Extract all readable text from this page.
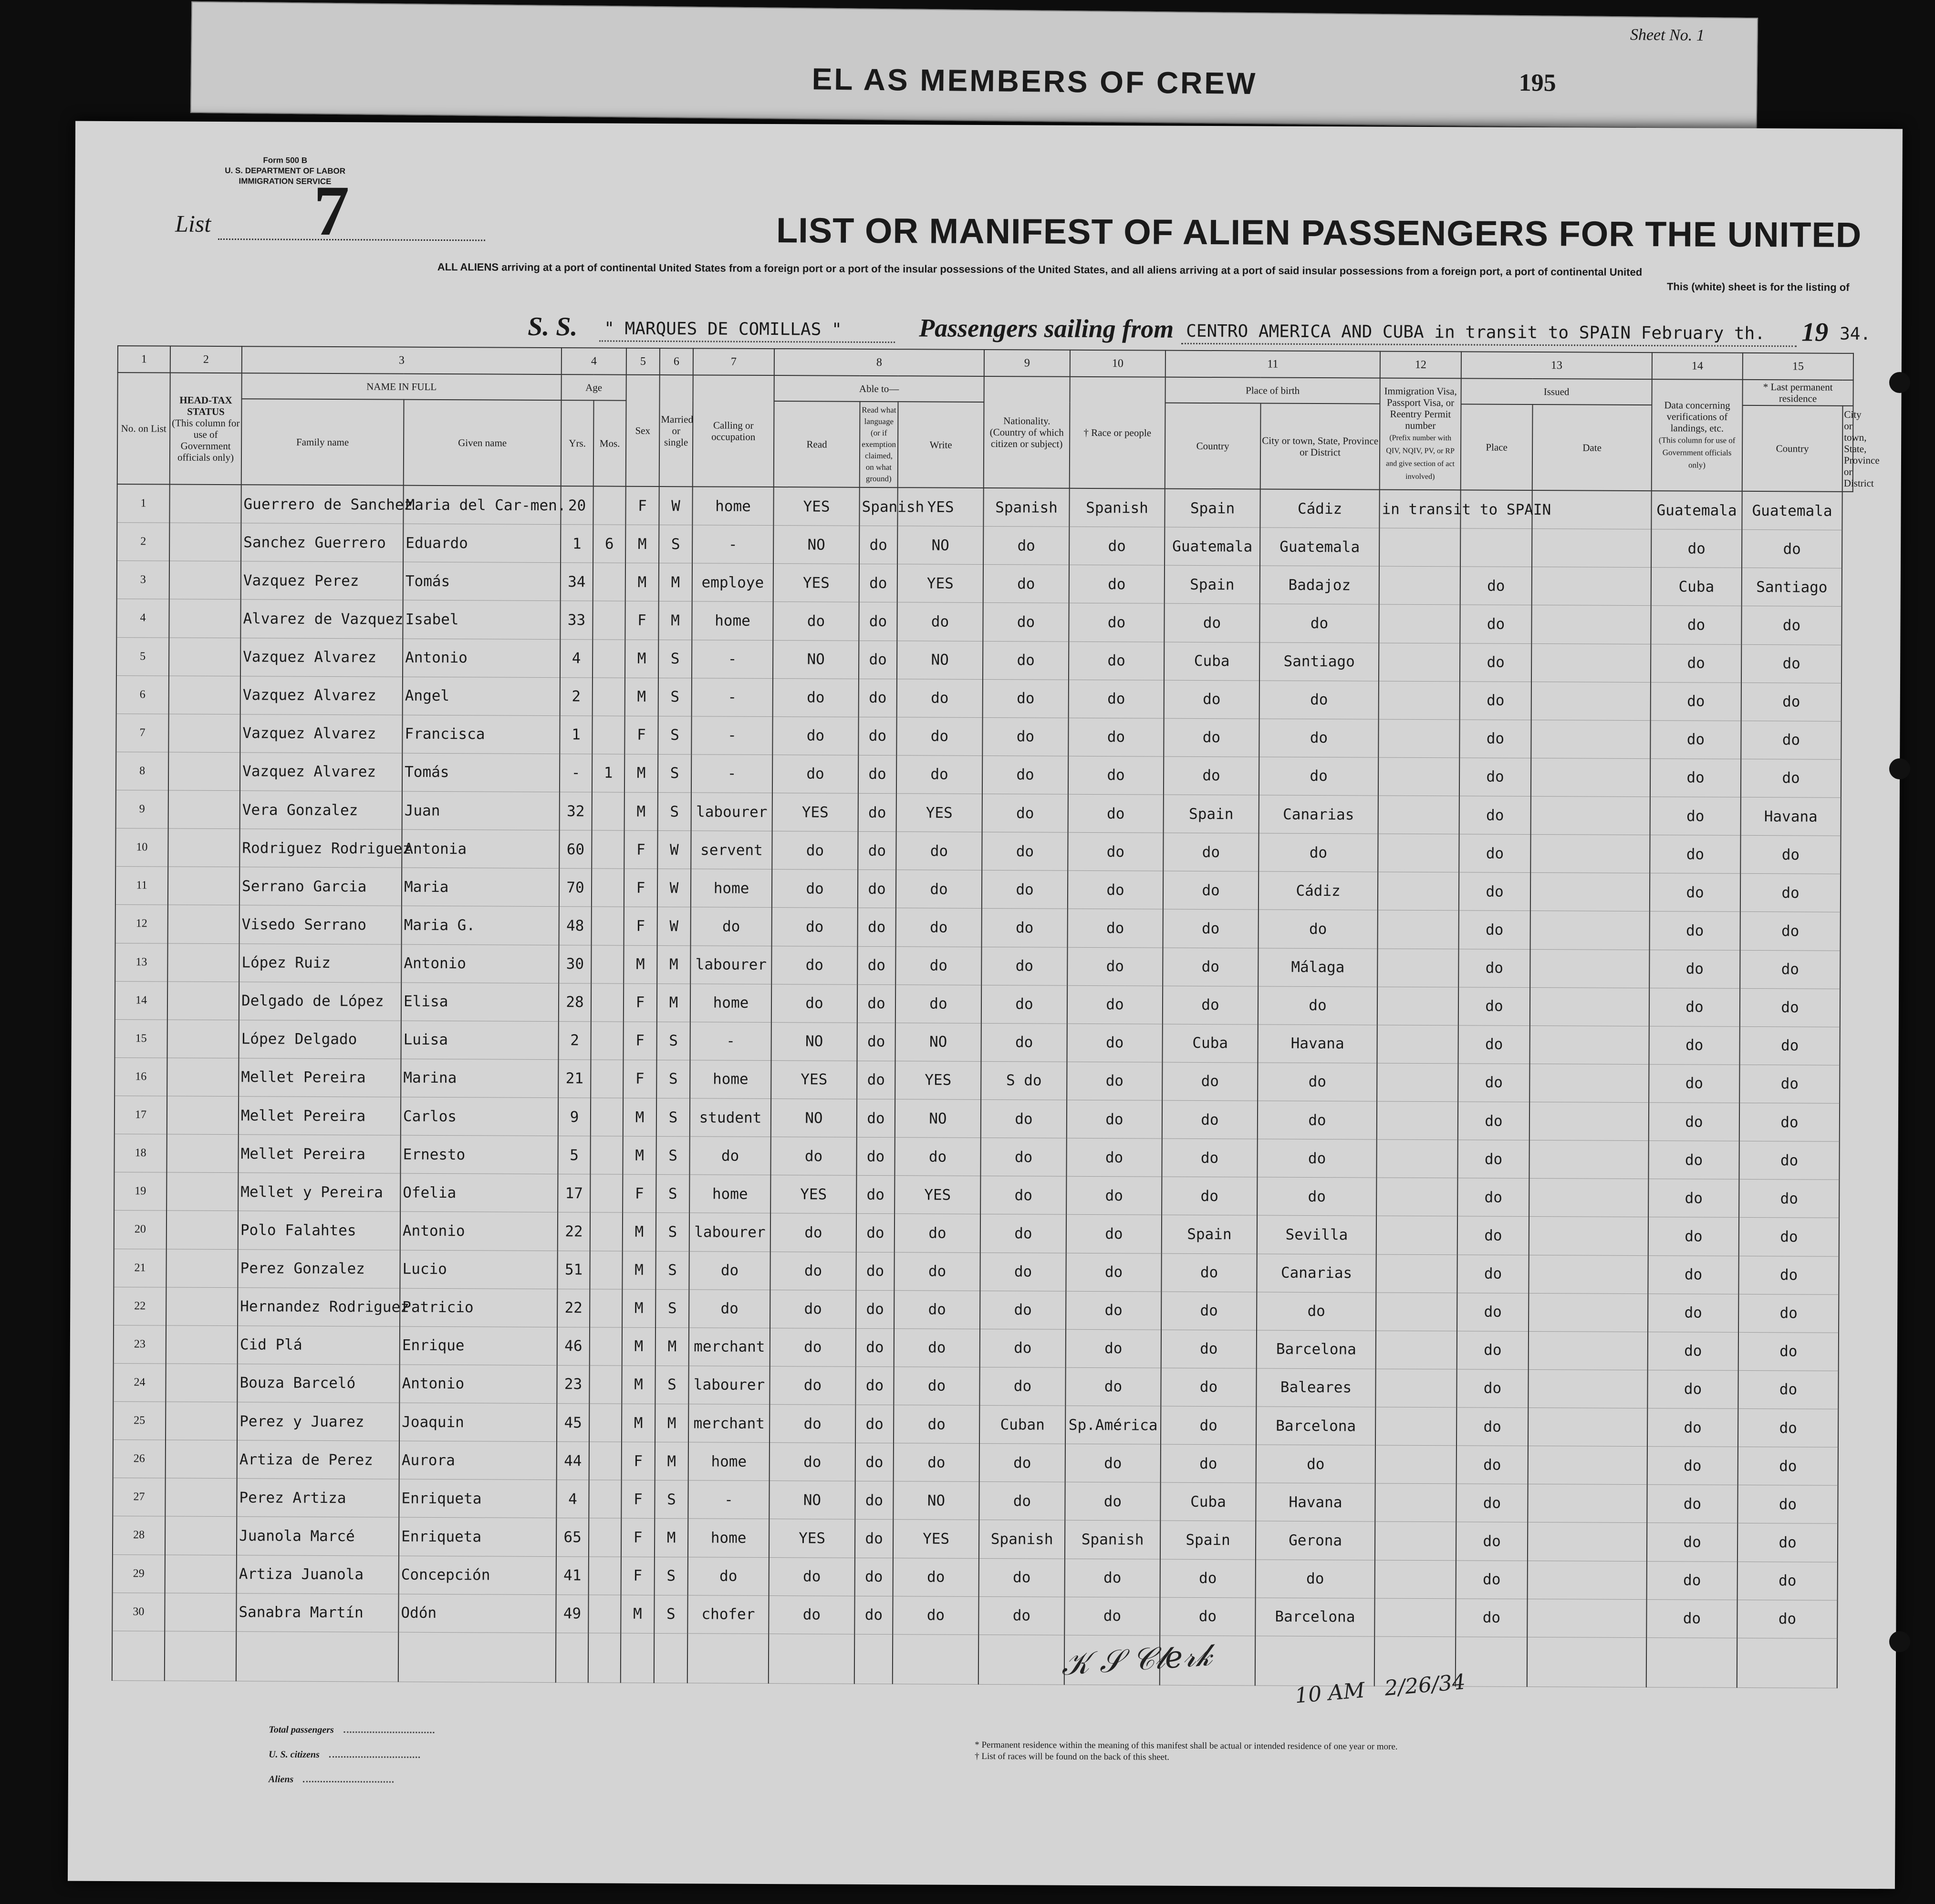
Sheet No. 1
EL AS MEMBERS OF CREW	195
Form 500 B
U. S. DEPARTMENT OF LABOR
IMMIGRATION SERVICE
List 7	LIST OR MANIFEST OF ALIEN PASSENGERS FOR THE UNITED
ALL ALIENS arriving at a port of continental United States from a foreign port or a port of the insular possessions of the United States, and all aliens arriving at a port of said insular possessions from a foreign port, a port of continental United
This (white) sheet is for the listing of
S. S. " MARQUES DE COMILLAS "	Passengers sailing from CENTRO AMERICA AND CUBA in transit to SPAIN February th. 19 34.
1	2	3		4		5	6	7	8			9	10	11		12	13		14	15	
No. on List	HEAD-TAX STATUS
(This column for use of Government officials only)	NAME IN FULL		Age		Sex	Married or single	Calling or occupation	Able to—			Nationality. (Country of which citizen or subject)	† Race or people	Place of birth		Immigration Visa, Passport Visa, or Reentry Permit number
(Prefix number with QIV, NQIV, PV, or RP and give section of act involved)	Issued		Data concerning verifications of landings, etc.
(This column for use of Government officials only)	* Last permanent residence	
		Family name	Given name	Yrs.	Mos.				Read	Read what language (or if exemption claimed, on what ground)	Write			Country	City or town, State, Province or District		Place	Date		Country	City or town, State, Province or District
1		Guerrero de Sanchez	Maria del Car-men.	20		F	W	home	YES	Spanish	YES	Spanish	Spanish	Spain	Cádiz	in transit to SPAIN			Guatemala	Guatemala	
2		Sanchez Guerrero	Eduardo	1	6	M	S	-	NO	do	NO	do	do	Guatemala	Guatemala				do	do	
3		Vazquez Perez	Tomás	34		M	M	employe	YES	do	YES	do	do	Spain	Badajoz		do		Cuba	Santiago	
4		Alvarez de Vazquez	Isabel	33		F	M	home	do	do	do	do	do	do	do		do		do	do	
5		Vazquez Alvarez	Antonio	4		M	S	-	NO	do	NO	do	do	Cuba	Santiago		do		do	do	
6		Vazquez Alvarez	Angel	2		M	S	-	do	do	do	do	do	do	do		do		do	do	
7		Vazquez Alvarez	Francisca	1		F	S	-	do	do	do	do	do	do	do		do		do	do	
8		Vazquez Alvarez	Tomás	-	1	M	S	-	do	do	do	do	do	do	do		do		do	do	
9		Vera Gonzalez	Juan	32		M	S	labourer	YES	do	YES	do	do	Spain	Canarias		do		do	Havana	
10		Rodriguez Rodriguez	Antonia	60		F	W	servent	do	do	do	do	do	do	do		do		do	do	
11		Serrano Garcia	Maria	70		F	W	home	do	do	do	do	do	do	Cádiz		do		do	do	
12		Visedo Serrano	Maria G.	48		F	W	do	do	do	do	do	do	do	do		do		do	do	
13		López Ruiz	Antonio	30		M	M	labourer	do	do	do	do	do	do	Málaga		do		do	do	
14		Delgado de López	Elisa	28		F	M	home	do	do	do	do	do	do	do		do		do	do	
15		López Delgado	Luisa	2		F	S	-	NO	do	NO	do	do	Cuba	Havana		do		do	do	
16		Mellet Pereira	Marina	21		F	S	home	YES	do	YES	S do	do	do	do		do		do	do	
17		Mellet Pereira	Carlos	9		M	S	student	NO	do	NO	do	do	do	do		do		do	do	
18		Mellet Pereira	Ernesto	5		M	S	do	do	do	do	do	do	do	do		do		do	do	
19		Mellet y Pereira	Ofelia	17		F	S	home	YES	do	YES	do	do	do	do		do		do	do	
20		Polo Falahtes	Antonio	22		M	S	labourer	do	do	do	do	do	Spain	Sevilla		do		do	do	
21		Perez Gonzalez	Lucio	51		M	S	do	do	do	do	do	do	do	Canarias		do		do	do	
22		Hernandez Rodriguez	Patricio	22		M	S	do	do	do	do	do	do	do	do		do		do	do	
23		Cid Plá	Enrique	46		M	M	merchant	do	do	do	do	do	do	Barcelona		do		do	do	
24		Bouza Barceló	Antonio	23		M	S	labourer	do	do	do	do	do	do	Baleares		do		do	do	
25		Perez y Juarez	Joaquin	45		M	M	merchant	do	do	do	Cuban	Sp.América	do	Barcelona		do		do	do	
26		Artiza de Perez	Aurora	44		F	M	home	do	do	do	do	do	do	do		do		do	do	
27		Perez Artiza	Enriqueta	4		F	S	-	NO	do	NO	do	do	Cuba	Havana		do		do	do	
28		Juanola Marcé	Enriqueta	65		F	M	home	YES	do	YES	Spanish	Spanish	Spain	Gerona		do		do	do	
29		Artiza Juanola	Concepción	41		F	S	do	do	do	do	do	do	do	do		do		do	do	
30		Sanabra Martín	Odón	49		M	S	chofer	do	do	do	do	do	do	Barcelona		do		do	do	

𝒦 𝒮 𝒞𝓁𝑒𝓇𝓀
10 AM   2/26/34
Total passengers
U. S. citizens
Aliens
* Permanent residence within the meaning of this manifest shall be actual or intended residence of one year or more.
† List of races will be found on the back of this sheet.
